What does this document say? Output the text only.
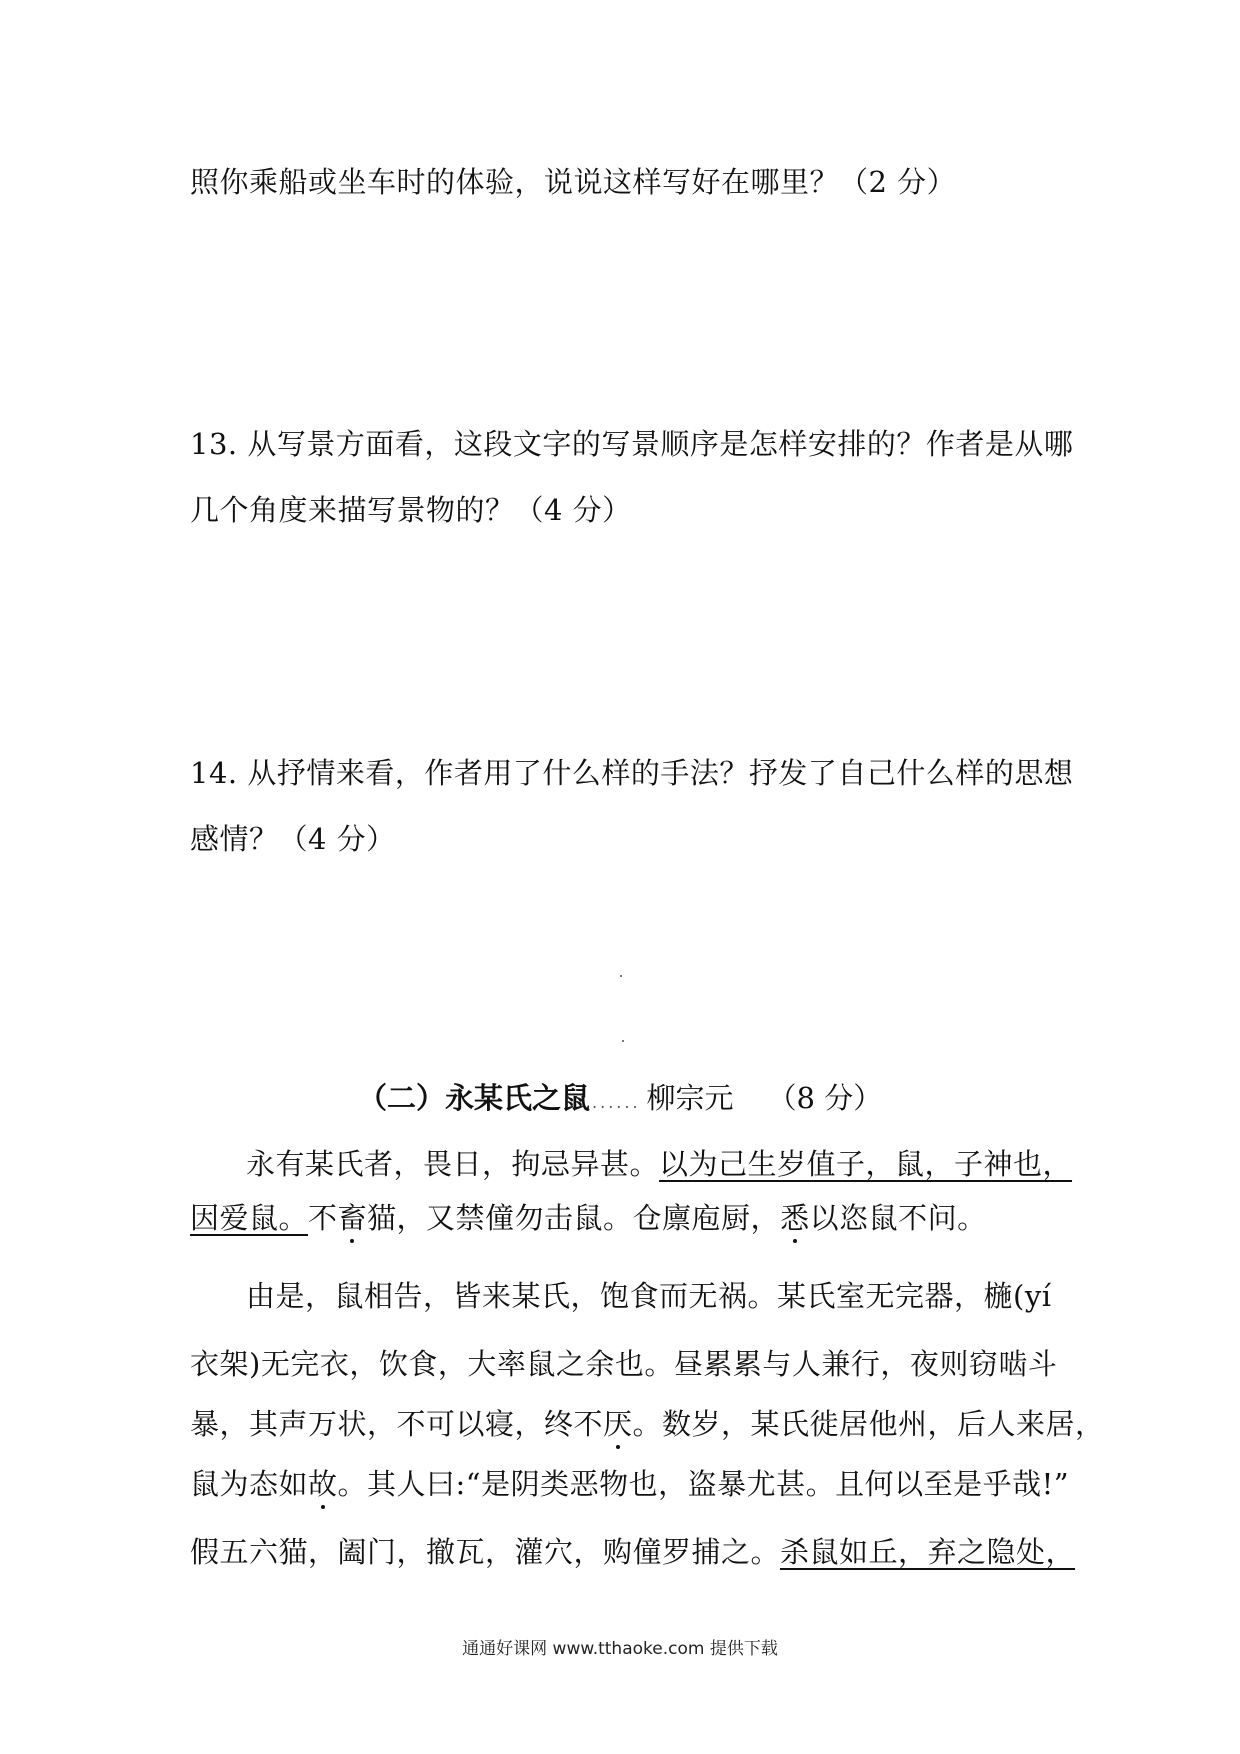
照你乘船或坐车时的体验，说说这样写好在哪里？（2 分）
13. 从写景方面看，这段文字的写景顺序是怎样安排的？作者是从哪
几个角度来描写景物的？（4 分）
14. 从抒情来看，作者用了什么样的手法？抒发了自己什么样的思想
感情？（4 分）
（二）永某氏之鼠 ...... 柳宗元 （8 分）
永有某氏者，畏日，拘忌异甚。以为己生岁值子，鼠，子神也，
因爱鼠。不畜猫，又禁僮勿击鼠。仓廪庖厨，悉以恣鼠不问。
由是，鼠相告，皆来某氏，饱食而无祸。某氏室无完器，椸(yí
衣架)无完衣，饮食，大率鼠之余也。昼累累与人兼行，夜则窃啮斗
暴，其声万状，不可以寝，终不厌。数岁，某氏徙居他州，后人来居，
鼠为态如故。其人曰:“是阴类恶物也，盗暴尤甚。且何以至是乎哉!”
假五六猫，阖门，撤瓦，灌穴，购僮罗捕之。杀鼠如丘，弃之隐处，
通通好课网 www.tthaoke.com 提供下载
